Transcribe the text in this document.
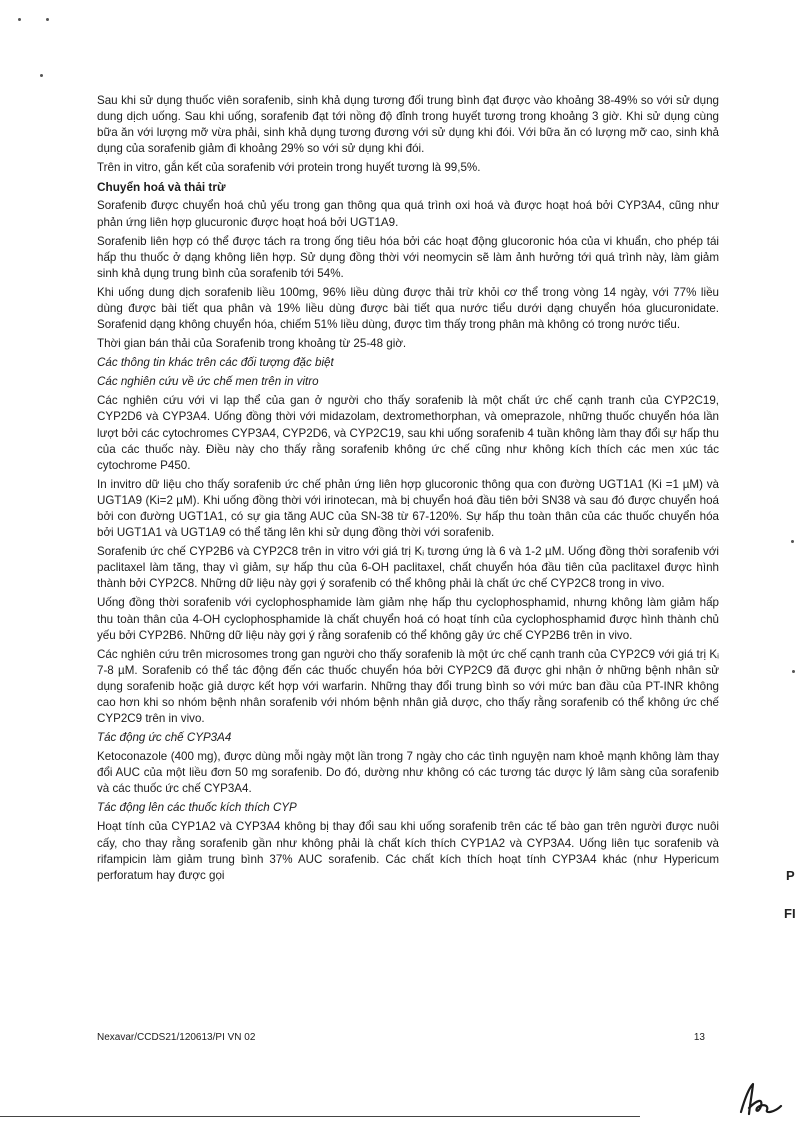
Sau khi sử dụng thuốc viên sorafenib, sinh khả dụng tương đối trung bình đạt được vào khoảng 38-49% so với sử dụng dung dịch uống. Sau khi uống, sorafenib đạt tới nồng độ đỉnh trong huyết tương trong khoảng 3 giờ. Khi sử dụng cùng bữa ăn với lượng mỡ vừa phải, sinh khả dụng tương đương với sử dụng khi đói. Với bữa ăn có lượng mỡ cao, sinh khả dụng của sorafenib giảm đi khoảng 29% so với sử dụng khi đói.

Trên in vitro, gắn kết của sorafenib với protein trong huyết tương là 99,5%.

Chuyển hoá và thải trừ

Sorafenib được chuyển hoá chủ yếu trong gan thông qua quá trình oxi hoá và được hoạt hoá bởi CYP3A4, cũng như phản ứng liên hợp glucuronic được hoạt hoá bởi UGT1A9.

Sorafenib liên hợp có thể được tách ra trong ống tiêu hóa bởi các hoạt động glucoronic hóa của vi khuẩn, cho phép tái hấp thu thuốc ở dạng không liên hợp. Sử dụng đồng thời với neomycin sẽ làm ảnh hưởng tới quá trình này, làm giảm sinh khả dụng trung bình của sorafenib tới 54%.

Khi uống dung dịch sorafenib liều 100mg, 96% liều dùng được thải trừ khỏi cơ thể trong vòng 14 ngày, với 77% liều dùng được bài tiết qua phân và 19% liều dùng được bài tiết qua nước tiểu dưới dạng chuyển hóa glucuronidate. Sorafenid dạng không chuyển hóa, chiếm 51% liều dùng, được tìm thấy trong phân mà không có trong nước tiểu.

Thời gian bán thải của Sorafenib trong khoảng từ 25-48 giờ.

Các thông tin khác trên các đối tượng đặc biệt

Các nghiên cứu về ức chế men trên in vitro

Các nghiên cứu với vi lạp thể của gan ở người cho thấy sorafenib là một chất ức chế cạnh tranh của CYP2C19, CYP2D6 và CYP3A4. Uống đồng thời với midazolam, dextromethorphan, và omeprazole, những thuốc chuyển hóa lần lượt bởi các cytochromes CYP3A4, CYP2D6, và CYP2C19, sau khi uống sorafenib 4 tuần không làm thay đổi sự hấp thu của các thuốc này. Điều này cho thấy rằng sorafenib không ức chế cũng như không kích thích các men xúc tác cytochrome P450.

In invitro dữ liệu cho thấy sorafenib ức chế phản ứng liên hợp glucoronic thông qua con đường UGT1A1 (Ki =1 µM) và UGT1A9 (Ki=2 µM). Khi uống đồng thời với irinotecan, mà bị chuyển hoá đầu tiên bởi SN38 và sau đó được chuyển hoá bởi con đường UGT1A1, có sự gia tăng AUC của SN-38 từ 67-120%. Sự hấp thu toàn thân của các thuốc chuyển hóa bởi UGT1A1 và UGT1A9 có thể tăng lên khi sử dụng đồng thời với sorafenib.

Sorafenib ức chế CYP2B6 và CYP2C8 trên in vitro với giá trị Kᵢ tương ứng là 6 và 1-2 µM. Uống đồng thời sorafenib với paclitaxel làm tăng, thay vì giảm, sự hấp thu của 6-OH paclitaxel, chất chuyển hóa đầu tiên của paclitaxel được hình thành bởi CYP2C8. Những dữ liệu này gợi ý sorafenib có thể không phải là chất ức chế CYP2C8 trong in vivo.

Uống đồng thời sorafenib với cyclophosphamide làm giảm nhẹ hấp thu cyclophosphamid, nhưng không làm giảm hấp thu toàn thân của 4-OH cyclophosphamide là chất chuyển hoá có hoạt tính của cyclophosphamid được hình thành chủ yếu bởi CYP2B6. Những dữ liệu này gợi ý rằng sorafenib có thể không gây ức chế CYP2B6 trên in vivo.

Các nghiên cứu trên microsomes trong gan người cho thấy sorafenib là một ức chế cạnh tranh của CYP2C9 với giá trị Kᵢ 7-8 µM. Sorafenib có thể tác động đến các thuốc chuyển hóa bởi CYP2C9 đã được ghi nhận ở những bệnh nhân sử dụng sorafenib hoặc giả dược kết hợp với warfarin. Những thay đổi trung bình so với mức ban đầu của PT-INR không cao hơn khi so nhóm bệnh nhân sorafenib với nhóm bệnh nhân giả dược, cho thấy rằng sorafenib có thể không ức chế CYP2C9 trên in vivo.

Tác động ức chế CYP3A4

Ketoconazole (400 mg), được dùng mỗi ngày một lần trong 7 ngày cho các tình nguyện nam khoẻ mạnh không làm thay đổi AUC của một liều đơn 50 mg sorafenib. Do đó, dường như không có các tương tác dược lý lâm sàng của sorafenib và các thuốc ức chế CYP3A4.

Tác động lên các thuốc kích thích CYP

Hoạt tính của CYP1A2 và CYP3A4 không bị thay đổi sau khi uống sorafenib trên các tế bào gan trên người được nuôi cấy, cho thay rằng sorafenib gần như không phải là chất kích thích CYP1A2 và CYP3A4. Uống liên tục sorafenib và rifampicin làm giảm trung bình 37% AUC sorafenib. Các chất kích thích hoạt tính CYP3A4 khác (như Hypericum perforatum hay được gọi

Nexavar/CCDS21/120613/PI VN 02	13
P
FI
